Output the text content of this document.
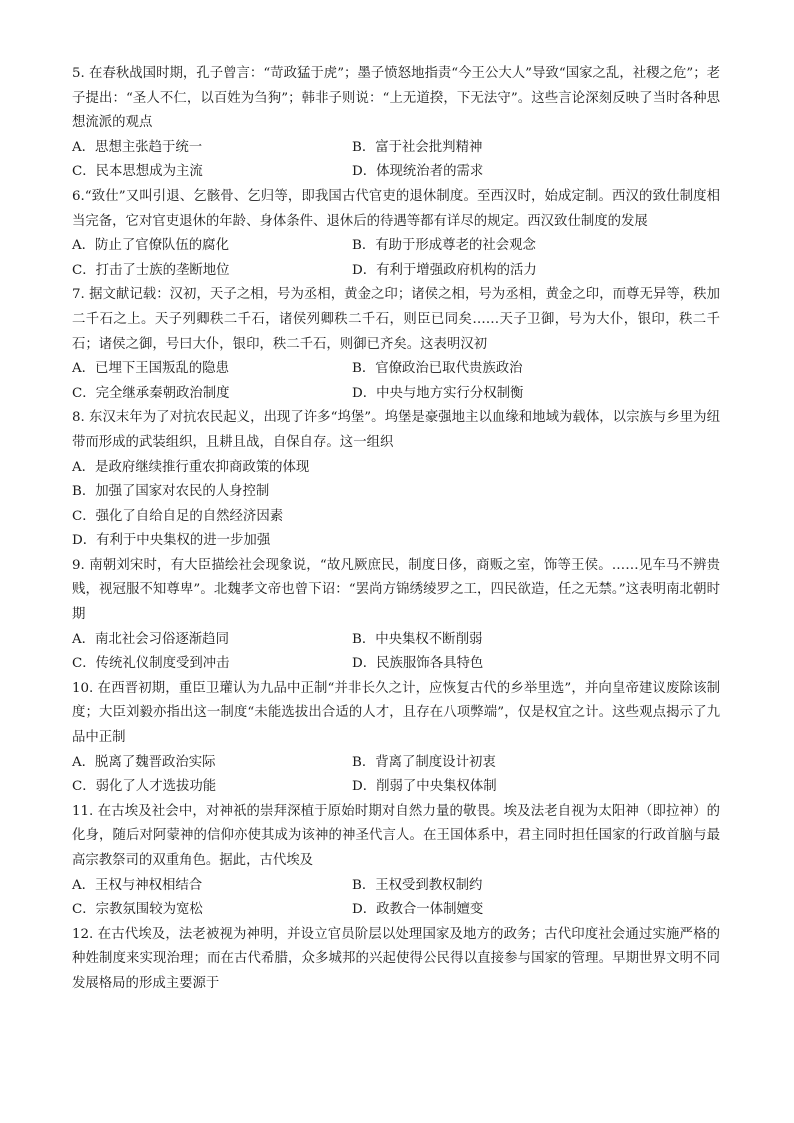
5. 在春秋战国时期，孔子曾言：“苛政猛于虎”；墨子愤怒地指责“今王公大人”导致“国家之乱，社稷之危”；老子提出：“圣人不仁，以百姓为刍狗”；韩非子则说：“上无道揆，下无法守”。这些言论深刻反映了当时各种思想流派的观点

A．思想主张趋于统一	B．富于社会批判精神
C．民本思想成为主流	D．体现统治者的需求

6.“致仕”又叫引退、乞骸骨、乞归等，即我国古代官吏的退休制度。至西汉时，始成定制。西汉的致仕制度相当完备，它对官吏退休的年龄、身体条件、退休后的待遇等都有详尽的规定。西汉致仕制度的发展

A．防止了官僚队伍的腐化	B．有助于形成尊老的社会观念
C．打击了士族的垄断地位	D．有利于增强政府机构的活力

7. 据文献记载：汉初，天子之相，号为丞相，黄金之印；诸侯之相，号为丞相，黄金之印，而尊无异等，秩加二千石之上。天子列卿秩二千石，诸侯列卿秩二千石，则臣已同矣……天子卫御，号为大仆，银印，秩二千石；诸侯之御，号曰大仆，银印，秩二千石，则御已齐矣。这表明汉初

A．已埋下王国叛乱的隐患	B．官僚政治已取代贵族政治
C．完全继承秦朝政治制度	D．中央与地方实行分权制衡

8. 东汉末年为了对抗农民起义，出现了许多“坞堡”。坞堡是豪强地主以血缘和地域为载体，以宗族与乡里为纽带而形成的武装组织，且耕且战，自保自存。这一组织

A．是政府继续推行重农抑商政策的体现
B．加强了国家对农民的人身控制
C．强化了自给自足的自然经济因素
D．有利于中央集权的进一步加强

9. 南朝刘宋时，有大臣描绘社会现象说，“故凡厥庶民，制度日侈，商贩之室，饰等王侯。……见车马不辨贵贱，视冠服不知尊卑”。北魏孝文帝也曾下诏：“罢尚方锦绣绫罗之工，四民欲造，任之无禁。”这表明南北朝时期

A．南北社会习俗逐渐趋同	B．中央集权不断削弱
C．传统礼仪制度受到冲击	D．民族服饰各具特色

10. 在西晋初期，重臣卫瓘认为九品中正制“并非长久之计，应恢复古代的乡举里选”，并向皇帝建议废除该制度；大臣刘毅亦指出这一制度“未能选拔出合适的人才，且存在八项弊端”，仅是权宜之计。这些观点揭示了九品中正制

A．脱离了魏晋政治实际	B．背离了制度设计初衷
C．弱化了人才选拔功能	D．削弱了中央集权体制

11. 在古埃及社会中，对神祇的崇拜深植于原始时期对自然力量的敬畏。埃及法老自视为太阳神（即拉神）的化身，随后对阿蒙神的信仰亦使其成为该神的神圣代言人。在王国体系中，君主同时担任国家的行政首脑与最高宗教祭司的双重角色。据此，古代埃及

A．王权与神权相结合	B．王权受到教权制约
C．宗教氛围较为宽松	D．政教合一体制嬗变

12. 在古代埃及，法老被视为神明，并设立官员阶层以处理国家及地方的政务；古代印度社会通过实施严格的种姓制度来实现治理；而在古代希腊，众多城邦的兴起使得公民得以直接参与国家的管理。早期世界文明不同发展格局的形成主要源于
